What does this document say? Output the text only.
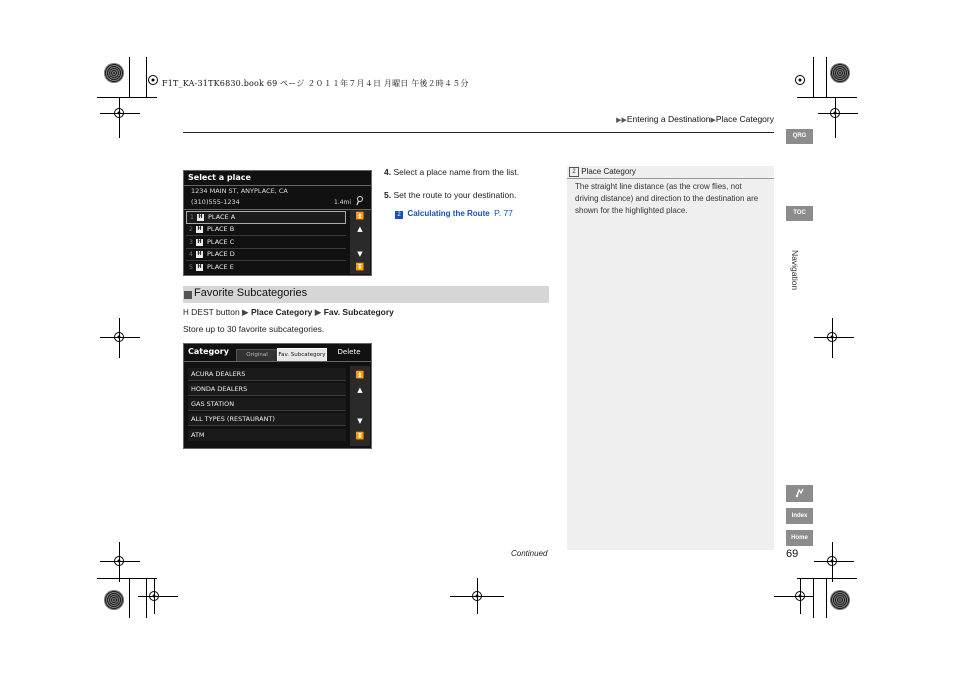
F1T_KA-31TK6830.book 69 ページ ２０１１年７月４日 月曜日 午後２時４５分
▶▶Entering a Destination▶Place Category
QRG
TOC
Navigation
Index
Home
69
Select a place
1234 MAIN ST, ANYPLACE, CA
(310)555-1234	1.4mi
1 H PLACE A
2 H PLACE B
3 H PLACE C
4 H PLACE D
5 H PLACE E
⏫
▲
▼
⏬
4. Select a place name from the list.
5. Set the route to your destination.
2 Calculating the Route P. 77
Favorite Subcategories
H DEST button ▶ Place Category ▶ Fav. Subcategory
Store up to 30 favorite subcategories.
Category	Original	Fav. Subcategory	Delete
ACURA DEALERS
HONDA DEALERS
GAS STATION
ALL TYPES (RESTAURANT)
ATM
⏫
▲
▼
⏬
2 Place Category
The straight line distance (as the crow flies, not driving distance) and direction to the destination are shown for the highlighted place.
Continued
